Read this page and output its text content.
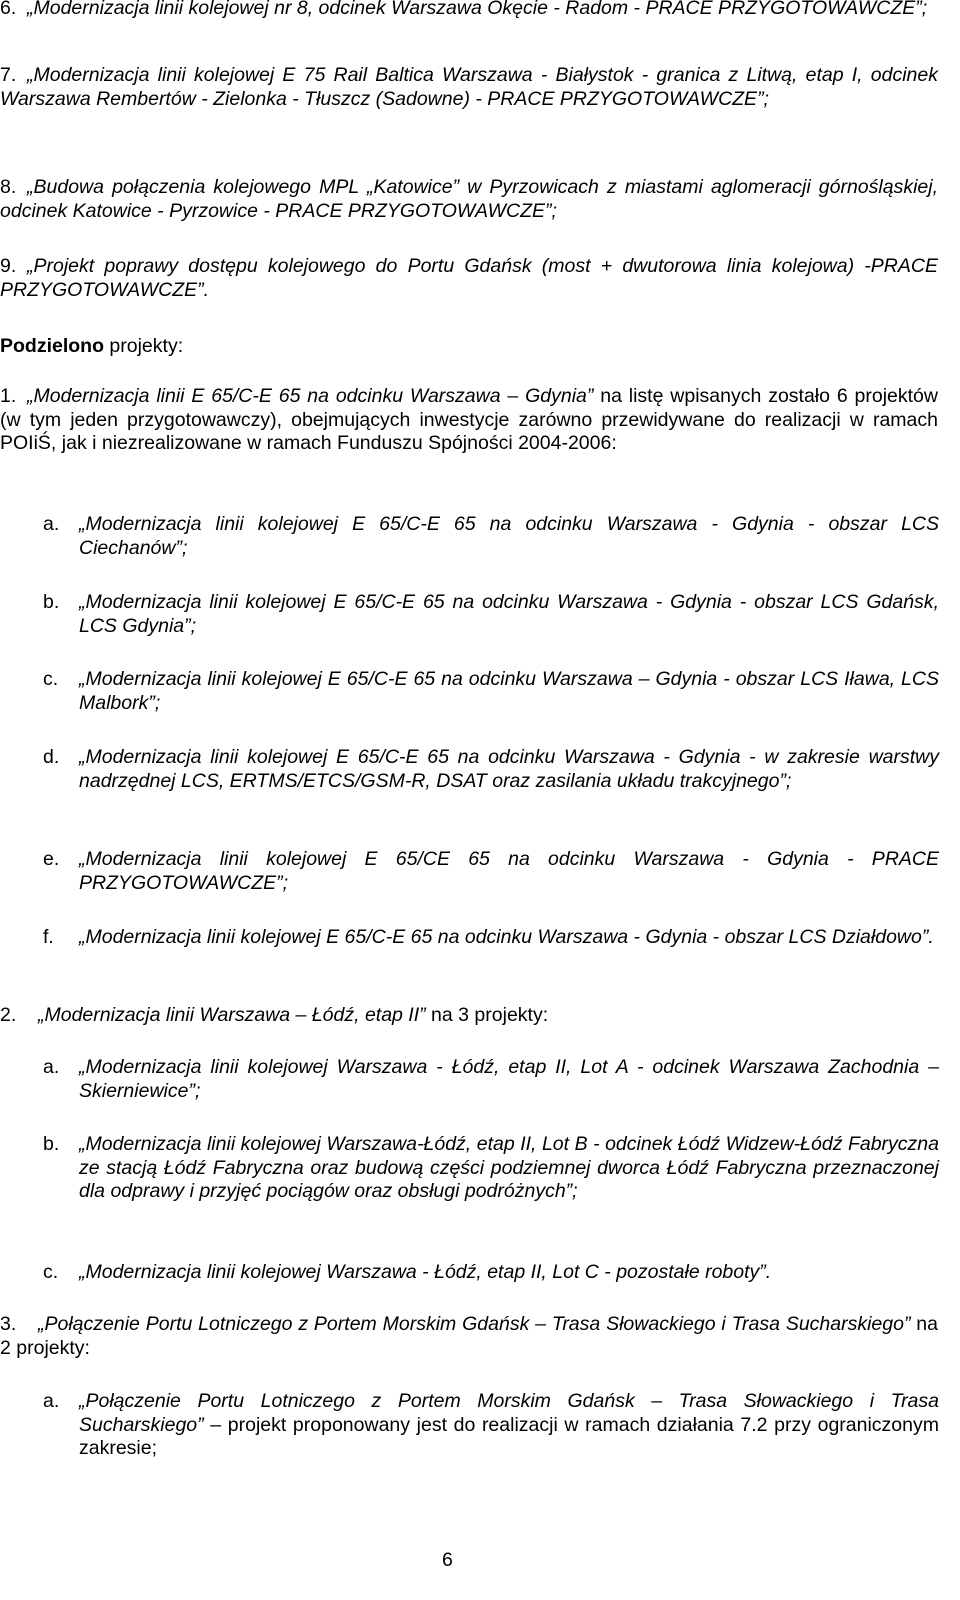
6. „Modernizacja linii kolejowej nr 8, odcinek Warszawa Okęcie - Radom - PRACE PRZYGOTOWAWCZE”;

7. „Modernizacja linii kolejowej E 75 Rail Baltica Warszawa - Białystok - granica z Litwą, etap I, odcinek Warszawa Rembertów - Zielonka - Tłuszcz (Sadowne) - PRACE PRZYGOTOWAWCZE”;

8. „Budowa połączenia kolejowego MPL „Katowice” w Pyrzowicach z miastami aglomeracji górnośląskiej, odcinek Katowice - Pyrzowice - PRACE PRZYGOTOWAWCZE”;

9. „Projekt poprawy dostępu kolejowego do Portu Gdańsk (most + dwutorowa linia kolejowa) -PRACE PRZYGOTOWAWCZE”.

Podzielono projekty:

1. „Modernizacja linii E 65/C-E 65 na odcinku Warszawa – Gdynia” na listę wpisanych zostało 6 projektów (w tym jeden przygotowawczy), obejmujących inwestycje zarówno przewidywane do realizacji w ramach POIiŚ, jak i niezrealizowane w ramach Funduszu Spójności 2004-2006:

a. „Modernizacja linii kolejowej E 65/C-E 65 na odcinku Warszawa - Gdynia - obszar LCS Ciechanów”;

b. „Modernizacja linii kolejowej E 65/C-E 65 na odcinku Warszawa - Gdynia - obszar LCS Gdańsk, LCS Gdynia”;

c. „Modernizacja linii kolejowej E 65/C-E 65 na odcinku Warszawa – Gdynia - obszar LCS Iława, LCS Malbork”;

d. „Modernizacja linii kolejowej E 65/C-E 65 na odcinku Warszawa - Gdynia - w zakresie warstwy nadrzędnej LCS, ERTMS/ETCS/GSM-R, DSAT oraz zasilania układu trakcyjnego”;

e. „Modernizacja linii kolejowej E 65/CE 65 na odcinku Warszawa - Gdynia - PRACE PRZYGOTOWAWCZE”;

f. „Modernizacja linii kolejowej E 65/C-E 65 na odcinku Warszawa - Gdynia - obszar LCS Działdowo”.

2.	„Modernizacja linii Warszawa – Łódź, etap II” na 3 projekty:

a. „Modernizacja linii kolejowej Warszawa - Łódź, etap II, Lot A - odcinek Warszawa Zachodnia – Skierniewice”;

b. „Modernizacja linii kolejowej Warszawa-Łódź, etap II, Lot B - odcinek Łódź Widzew-Łódź Fabryczna ze stacją Łódź Fabryczna oraz budową części podziemnej dworca Łódź Fabryczna przeznaczonej dla odprawy i przyjęć pociągów oraz obsługi podróżnych”;

c. „Modernizacja linii kolejowej Warszawa - Łódź, etap II, Lot C - pozostałe roboty”.

3.	„Połączenie Portu Lotniczego z Portem Morskim Gdańsk – Trasa Słowackiego i Trasa Sucharskiego” na 2 projekty:

a. „Połączenie Portu Lotniczego z Portem Morskim Gdańsk – Trasa Słowackiego i Trasa Sucharskiego” – projekt proponowany jest do realizacji w ramach działania 7.2 przy ograniczonym zakresie;

6
